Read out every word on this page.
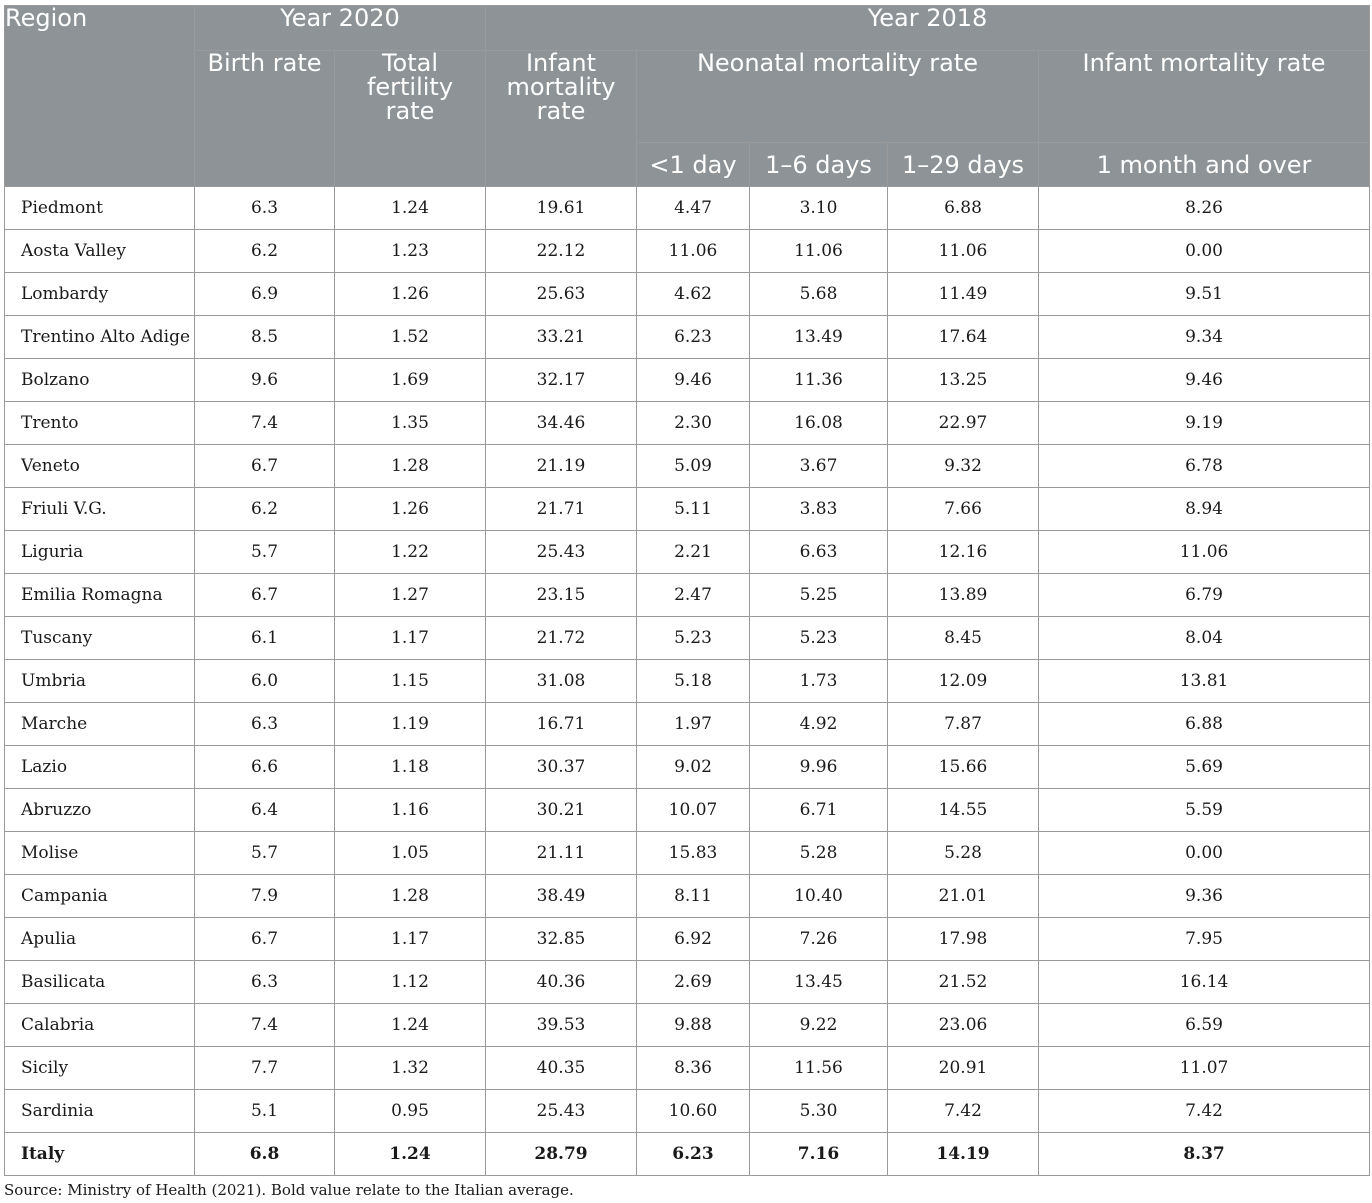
Region	Year 2020		Year 2018				
	Birth rate	Total fertility rate	Infant mortality rate	Neonatal mortality rate			Infant mortality rate
				<1 day	1–6 days	1–29 days	1 month and over
Piedmont	6.3	1.24	19.61	4.47	3.10	6.88	8.26
Aosta Valley	6.2	1.23	22.12	11.06	11.06	11.06	0.00
Lombardy	6.9	1.26	25.63	4.62	5.68	11.49	9.51
Trentino Alto Adige	8.5	1.52	33.21	6.23	13.49	17.64	9.34
Bolzano	9.6	1.69	32.17	9.46	11.36	13.25	9.46
Trento	7.4	1.35	34.46	2.30	16.08	22.97	9.19
Veneto	6.7	1.28	21.19	5.09	3.67	9.32	6.78
Friuli V.G.	6.2	1.26	21.71	5.11	3.83	7.66	8.94
Liguria	5.7	1.22	25.43	2.21	6.63	12.16	11.06
Emilia Romagna	6.7	1.27	23.15	2.47	5.25	13.89	6.79
Tuscany	6.1	1.17	21.72	5.23	5.23	8.45	8.04
Umbria	6.0	1.15	31.08	5.18	1.73	12.09	13.81
Marche	6.3	1.19	16.71	1.97	4.92	7.87	6.88
Lazio	6.6	1.18	30.37	9.02	9.96	15.66	5.69
Abruzzo	6.4	1.16	30.21	10.07	6.71	14.55	5.59
Molise	5.7	1.05	21.11	15.83	5.28	5.28	0.00
Campania	7.9	1.28	38.49	8.11	10.40	21.01	9.36
Apulia	6.7	1.17	32.85	6.92	7.26	17.98	7.95
Basilicata	6.3	1.12	40.36	2.69	13.45	21.52	16.14
Calabria	7.4	1.24	39.53	9.88	9.22	23.06	6.59
Sicily	7.7	1.32	40.35	8.36	11.56	20.91	11.07
Sardinia	5.1	0.95	25.43	10.60	5.30	7.42	7.42
Italy	6.8	1.24	28.79	6.23	7.16	14.19	8.37
Source: Ministry of Health (2021). Bold value relate to the Italian average.
